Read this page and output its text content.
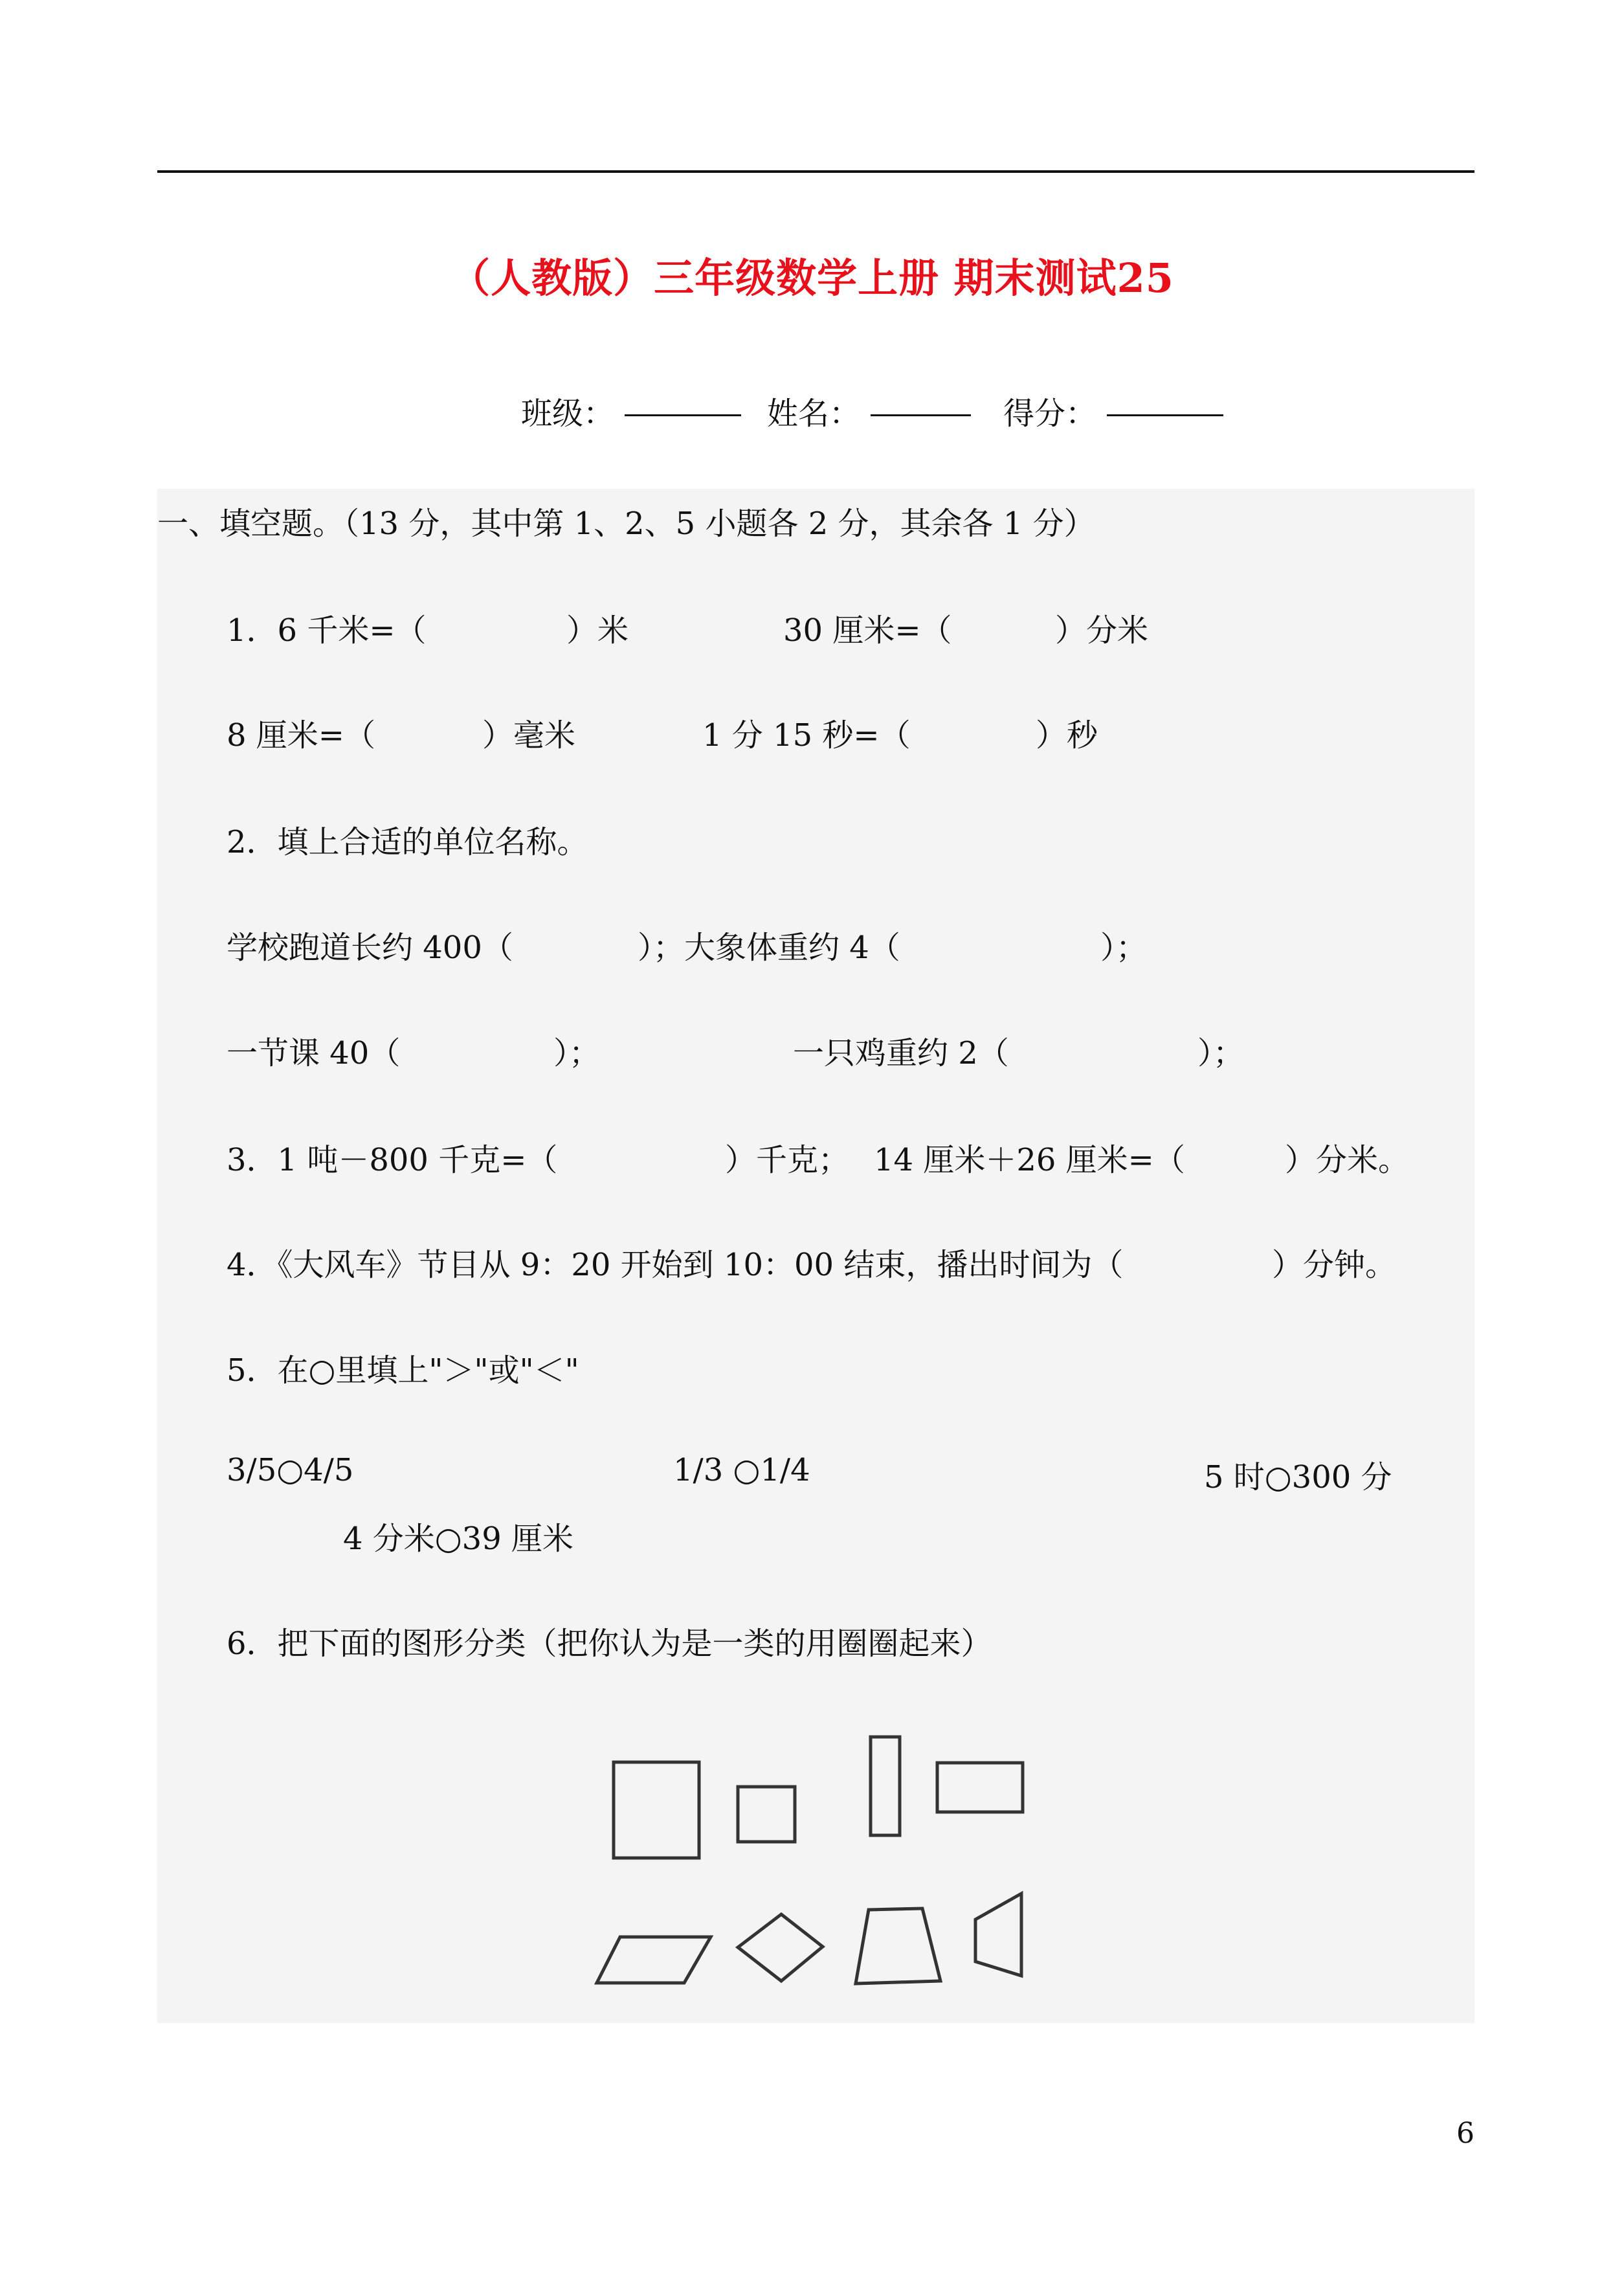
（人教版）三年级数学上册 期末测试25
班级：	姓名：	得分：
一、填空题。（13 分，其中第 1、2、5 小题各 2 分，其余各 1 分）
1．6 千米=（	）米	30 厘米=（	）分米
8 厘米=（	）毫米	1 分 15 秒=（	）秒
2．填上合适的单位名称。
学校跑道长约 400（	）；大象体重约 4（	）；
一节课 40（	）；	一只鸡重约 2（	）；
3．1 吨－800 千克=（	）千克； 14 厘米＋26 厘米=（	）分米。
4．《大风车》节目从 9：20 开始到 10：00 结束，播出时间为（	）分钟。
5．在○里填上"＞"或"＜"
3/5○4/5	1/3 ○1/4	5 时○300 分
4 分米○39 厘米
6．把下面的图形分类（把你认为是一类的用圈圈起来）
6
